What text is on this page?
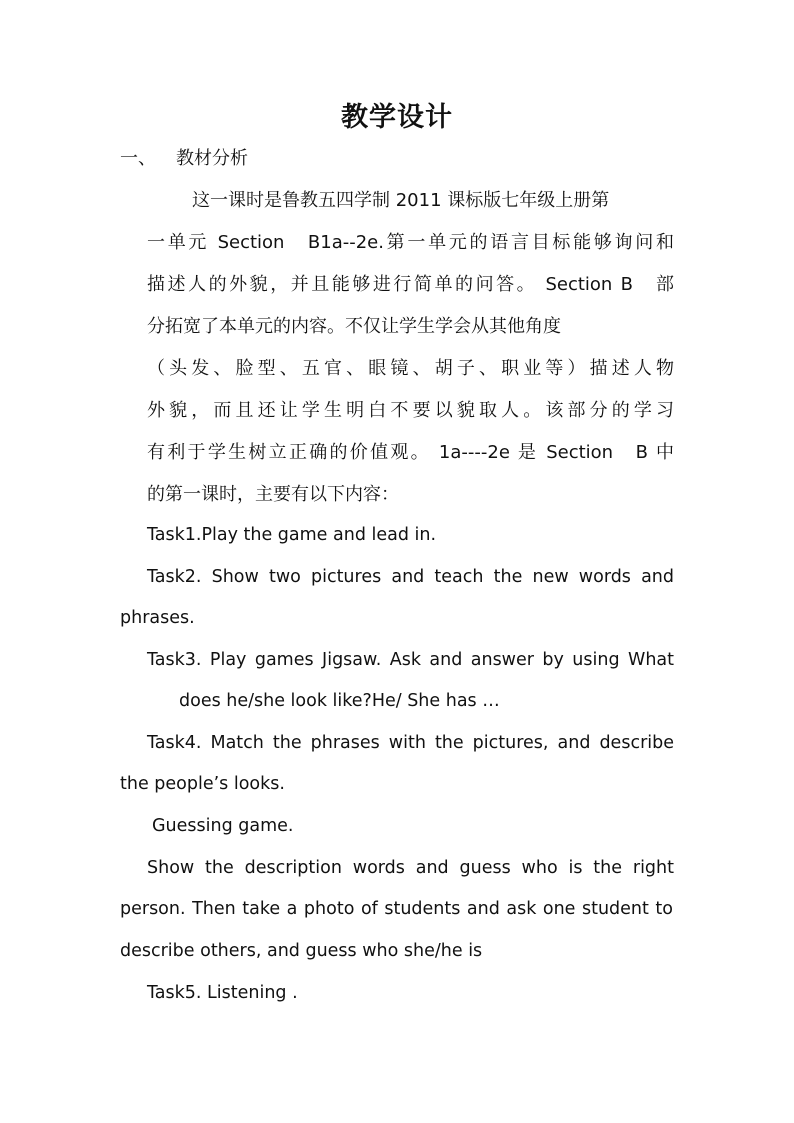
教学设计
一、 教材分析
这一课时是鲁教五四学制 2011 课标版七年级上册第
一单元 Section　B1a--2e.第一单元的语言目标能够询问和
描述人的外貌，并且能够进行简单的问答。 Section B　部
分拓宽了本单元的内容。不仅让学生学会从其他角度
（头发、脸型、五官、眼镜、胡子、职业等）描述人物
外貌，而且还让学生明白不要以貌取人。该部分的学习
有利于学生树立正确的价值观。 1a----2e 是 Section　B 中
的第一课时，主要有以下内容：
Task1.Play the game and lead in.
Task2. Show two pictures and teach the new words and
phrases.
Task3. Play games Jigsaw. Ask and answer by using What
does he/she look like?He/ She has …
Task4. Match the phrases with the pictures, and describe
the people’s looks.
Guessing game.
Show the description words and guess who is the right
person. Then take a photo of students and ask one student to
describe others, and guess who she/he is
Task5. Listening .
